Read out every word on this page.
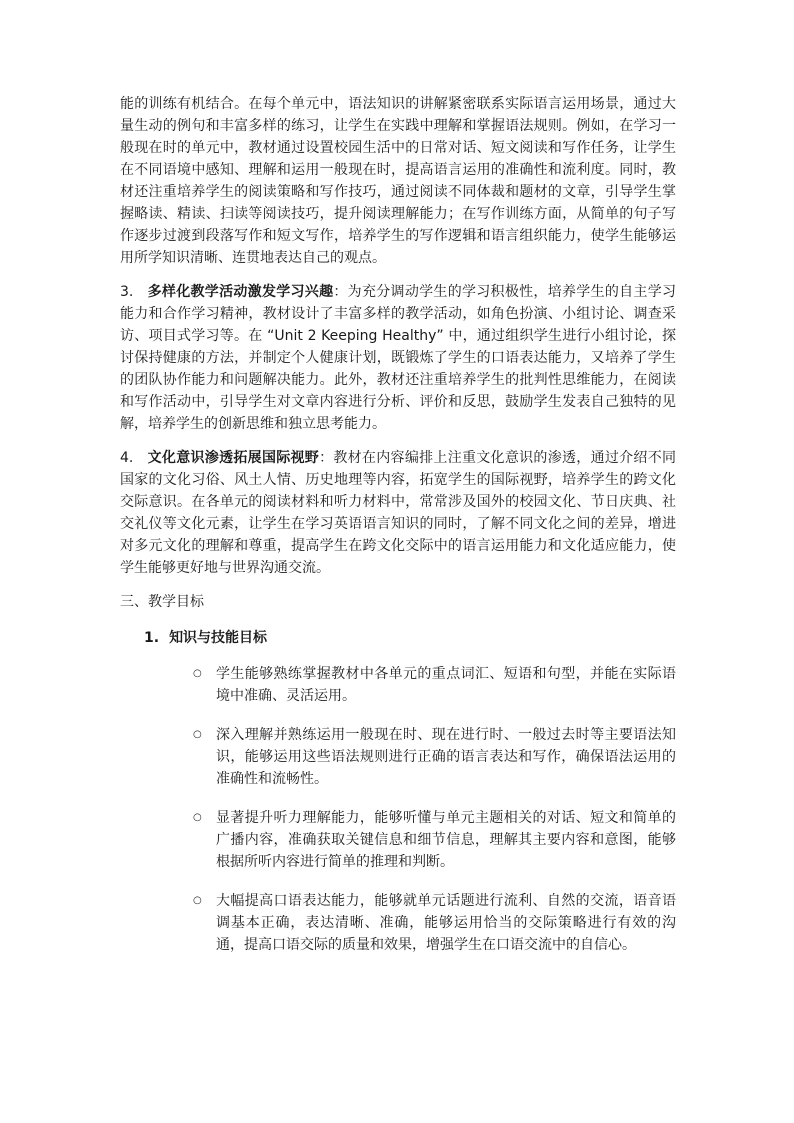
能的训练有机结合。在每个单元中，语法知识的讲解紧密联系实际语言运用场景，通过大量生动的例句和丰富多样的练习，让学生在实践中理解和掌握语法规则。例如，在学习一般现在时的单元中，教材通过设置校园生活中的日常对话、短文阅读和写作任务，让学生在不同语境中感知、理解和运用一般现在时，提高语言运用的准确性和流利度。同时，教材还注重培养学生的阅读策略和写作技巧，通过阅读不同体裁和题材的文章，引导学生掌握略读、精读、扫读等阅读技巧，提升阅读理解能力；在写作训练方面，从简单的句子写作逐步过渡到段落写作和短文写作，培养学生的写作逻辑和语言组织能力，使学生能够运用所学知识清晰、连贯地表达自己的观点。

3. 多样化教学活动激发学习兴趣：为充分调动学生的学习积极性，培养学生的自主学习能力和合作学习精神，教材设计了丰富多样的教学活动，如角色扮演、小组讨论、调查采访、项目式学习等。在 “Unit 2 Keeping Healthy” 中，通过组织学生进行小组讨论，探讨保持健康的方法，并制定个人健康计划，既锻炼了学生的口语表达能力，又培养了学生的团队协作能力和问题解决能力。此外，教材还注重培养学生的批判性思维能力，在阅读和写作活动中，引导学生对文章内容进行分析、评价和反思，鼓励学生发表自己独特的见解，培养学生的创新思维和独立思考能力。

4. 文化意识渗透拓展国际视野：教材在内容编排上注重文化意识的渗透，通过介绍不同国家的文化习俗、风土人情、历史地理等内容，拓宽学生的国际视野，培养学生的跨文化交际意识。在各单元的阅读材料和听力材料中，常常涉及国外的校园文化、节日庆典、社交礼仪等文化元素，让学生在学习英语语言知识的同时，了解不同文化之间的差异，增进对多元文化的理解和尊重，提高学生在跨文化交际中的语言运用能力和文化适应能力，使学生能够更好地与世界沟通交流。

三、教学目标

1. 知识与技能目标

○ 学生能够熟练掌握教材中各单元的重点词汇、短语和句型，并能在实际语境中准确、灵活运用。
○ 深入理解并熟练运用一般现在时、现在进行时、一般过去时等主要语法知识，能够运用这些语法规则进行正确的语言表达和写作，确保语法运用的准确性和流畅性。
○ 显著提升听力理解能力，能够听懂与单元主题相关的对话、短文和简单的广播内容，准确获取关键信息和细节信息，理解其主要内容和意图，能够根据所听内容进行简单的推理和判断。
○ 大幅提高口语表达能力，能够就单元话题进行流利、自然的交流，语音语调基本正确，表达清晰、准确，能够运用恰当的交际策略进行有效的沟通，提高口语交际的质量和效果，增强学生在口语交流中的自信心。
